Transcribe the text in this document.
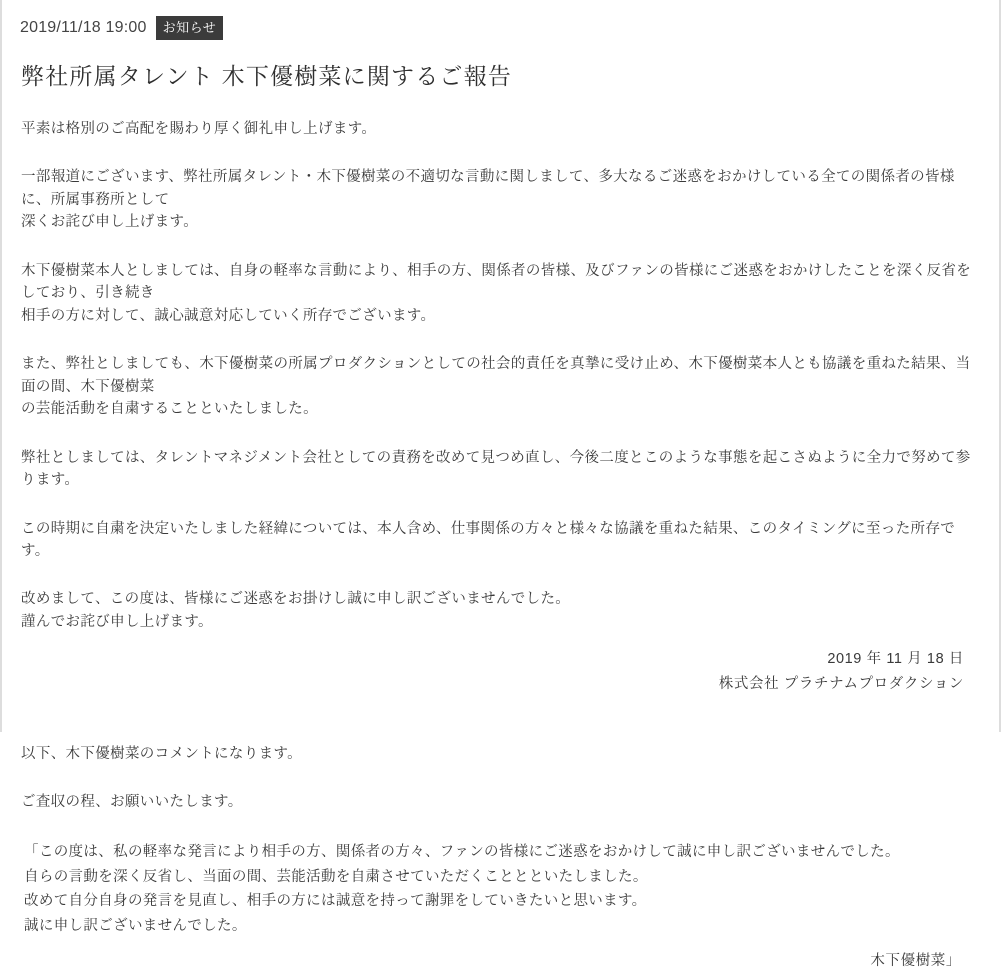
2019/11/18 19:00	お知らせ
弊社所属タレント 木下優樹菜に関するご報告

平素は格別のご高配を賜わり厚く御礼申し上げます。

一部報道にございます、弊社所属タレント・木下優樹菜の不適切な言動に関しまして、多大なるご迷惑をおかけしている全ての関係者の皆様に、所属事務所として
深くお詫び申し上げます。

木下優樹菜本人としましては、自身の軽率な言動により、相手の方、関係者の皆様、及びファンの皆様にご迷惑をおかけしたことを深く反省をしており、引き続き
相手の方に対して、誠心誠意対応していく所存でございます。

また、弊社としましても、木下優樹菜の所属プロダクションとしての社会的責任を真摯に受け止め、木下優樹菜本人とも協議を重ねた結果、当面の間、木下優樹菜
の芸能活動を自粛することといたしました。

弊社としましては、タレントマネジメント会社としての責務を改めて見つめ直し、今後二度とこのような事態を起こさぬように全力で努めて参ります。

この時期に自粛を決定いたしました経緯については、本人含め、仕事関係の方々と様々な協議を重ねた結果、このタイミングに至った所存です。

改めまして、この度は、皆様にご迷惑をお掛けし誠に申し訳ございませんでした。
謹んでお詫び申し上げます。

2019 年 11 月 18 日
株式会社 プラチナムプロダクション

以下、木下優樹菜のコメントになります。

ご査収の程、お願いいたします。

「この度は、私の軽率な発言により相手の方、関係者の方々、ファンの皆様にご迷惑をおかけして誠に申し訳ございませんでした。
自らの言動を深く反省し、当面の間、芸能活動を自粛させていただくこととといたしました。
改めて自分自身の発言を見直し、相手の方には誠意を持って謝罪をしていきたいと思います。
誠に申し訳ございませんでした。

木下優樹菜」
